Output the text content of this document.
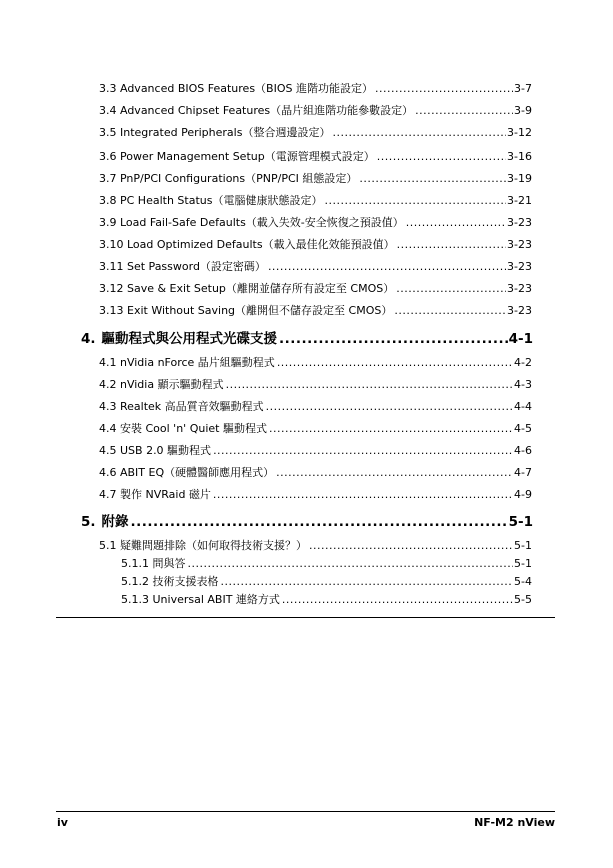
3.3 Advanced BIOS Features（BIOS 進階功能設定） .....	3-7
3.4 Advanced Chipset Features（晶片組進階功能參數設定） .....	3-9
3.5 Integrated Peripherals（整合週邊設定） .....	3-12
3.6 Power Management Setup（電源管理模式設定） .....	3-16
3.7 PnP/PCI Configurations（PNP/PCI 組態設定） .....	3-19
3.8 PC Health Status（電腦健康狀態設定） .....	3-21
3.9 Load Fail-Safe Defaults（載入失效-安全恢復之預設值） .....	3-23
3.10 Load Optimized Defaults（載入最佳化效能預設值） .....	3-23
3.11 Set Password（設定密碼） .....	3-23
3.12 Save & Exit Setup（離開並儲存所有設定至 CMOS） .....	3-23
3.13 Exit Without Saving（離開但不儲存設定至 CMOS） .....	3-23
4. 驅動程式與公用程式光碟支援 .....	4-1
4.1 nVidia nForce 晶片組驅動程式 .....	4-2
4.2 nVidia 顯示驅動程式 .....	4-3
4.3 Realtek 高品質音效驅動程式 .....	4-4
4.4 安裝 Cool 'n' Quiet 驅動程式 .....	4-5
4.5 USB 2.0 驅動程式 .....	4-6
4.6 ABIT EQ（硬體醫師應用程式） .....	4-7
4.7 製作 NVRaid 磁片 .....	4-9
5. 附錄 .....	5-1
5.1 疑難問題排除（如何取得技術支援？） .....	5-1
5.1.1 問與答 .....	5-1
5.1.2 技術支援表格 .....	5-4
5.1.3 Universal ABIT 連絡方式 .....	5-5
iv	NF-M2 nView
